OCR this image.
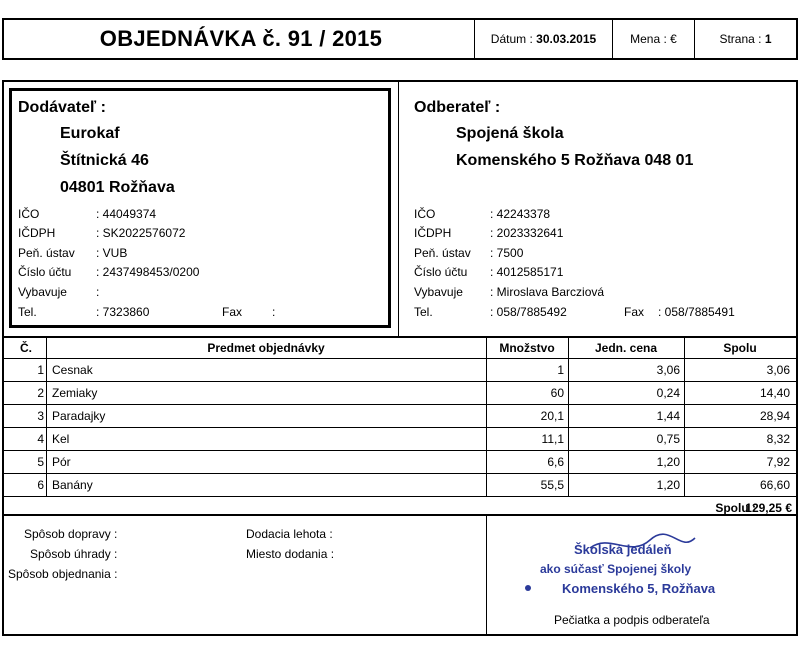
OBJEDNÁVKA č. 91 / 2015	Dátum : 30.03.2015	Mena : €	Strana : 1
Dodávateľ :
Eurokaf
Štítnická 46
04801 Rožňava
IČO	: 44049374
IČDPH	: SK2022576072
Peň. ústav : VUB
Číslo účtu : 2437498453/0200
Vybavuje :
Tel.	: 7323860	Fax :
Odberateľ :
Spojená škola
Komenského 5 Rožňava 048 01
IČO	: 42243378
IČDPH	: 2023332641
Peň. ústav : 7500
Číslo účtu : 4012585171
Vybavuje : Miroslava Barcziová
Tel.	: 058/7885492	Fax : 058/7885491
Č.	Predmet objednávky	Množstvo	Jedn. cena	Spolu
1 Cesnak	1	3,06	3,06
2 Zemiaky	60	0,24	14,40
3 Paradajky	20,1	1,44	28,94
4 Kel	11,1	0,75	8,32
5 Pór	6,6	1,20	7,92
6 Banány	55,5	1,20	66,60
Spolu :
129,25 €
Spôsob dopravy :
Spôsob úhrady :
Spôsob objednania :
Dodacia lehota :
Miesto dodania :	Školská jedáleň
ako súčasť Spojenej školy
Komenského 5, Rožňava
Pečiatka a podpis odberateľa
